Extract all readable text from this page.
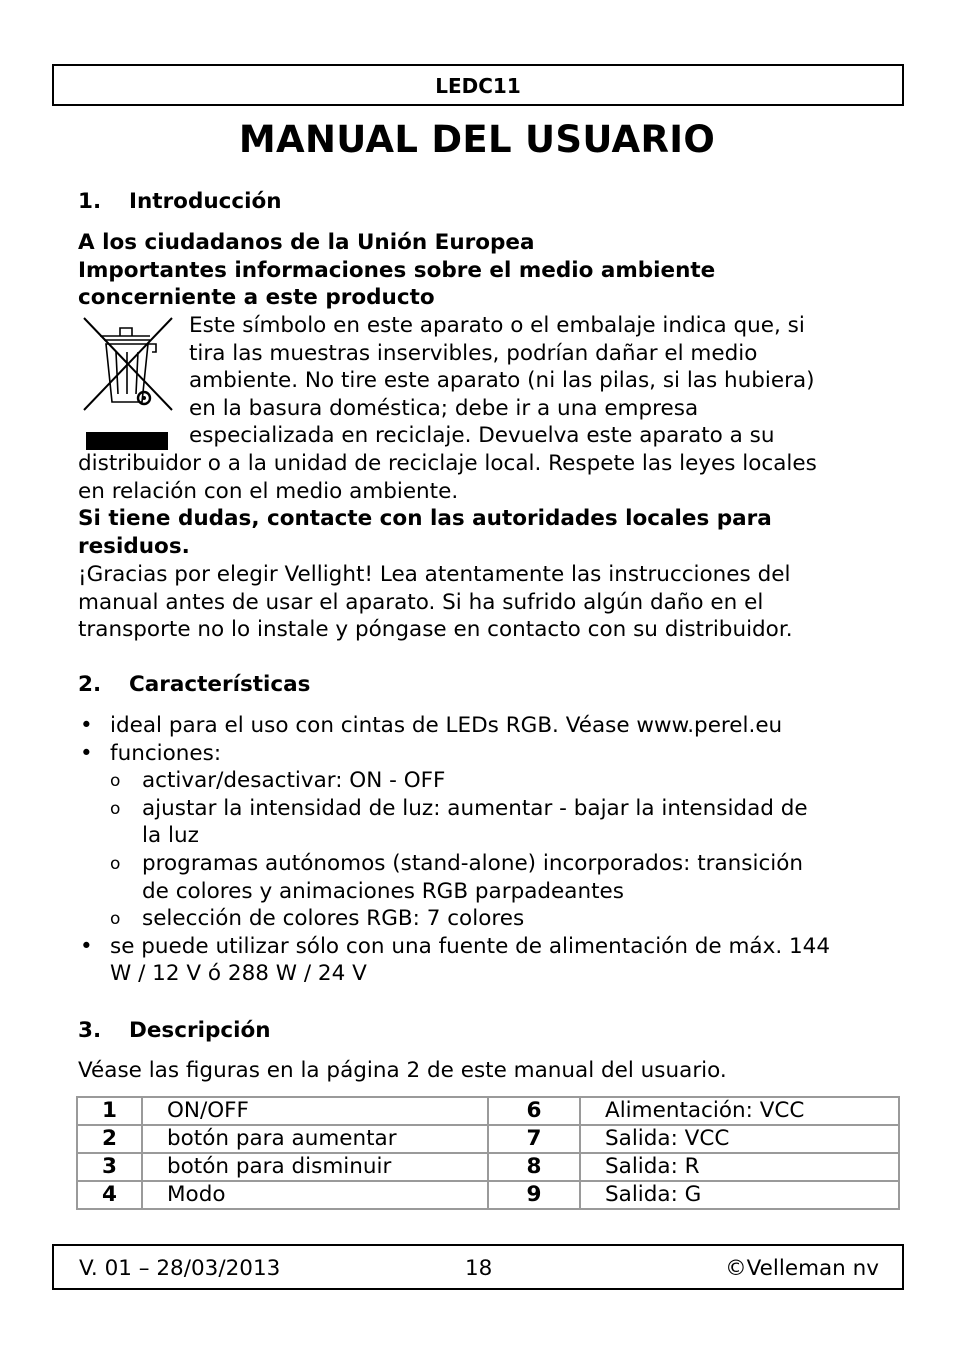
LEDC11
MANUAL DEL USUARIO
1. Introducción
A los ciudadanos de la Unión Europea
Importantes informaciones sobre el medio ambiente
concerniente a este producto
Este símbolo en este aparato o el embalaje indica que, si
tira las muestras inservibles, podrían dañar el medio
ambiente. No tire este aparato (ni las pilas, si las hubiera)
en la basura doméstica; debe ir a una empresa
especializada en reciclaje. Devuelva este aparato a su
distribuidor o a la unidad de reciclaje local. Respete las leyes locales
en relación con el medio ambiente.
Si tiene dudas, contacte con las autoridades locales para
residuos.
¡Gracias por elegir Vellight! Lea atentamente las instrucciones del
manual antes de usar el aparato. Si ha sufrido algún daño en el
transporte no lo instale y póngase en contacto con su distribuidor.
2. Características
• ideal para el uso con cintas de LEDs RGB. Véase www.perel.eu
• funciones:
o activar/desactivar: ON - OFF
o ajustar la intensidad de luz: aumentar - bajar la intensidad de
la luz
o programas autónomos (stand-alone) incorporados: transición
de colores y animaciones RGB parpadeantes
o selección de colores RGB: 7 colores
• se puede utilizar sólo con una fuente de alimentación de máx. 144
W / 12 V ó 288 W / 24 V
3. Descripción
Véase las figuras en la página 2 de este manual del usuario.
1	ON/OFF	6	Alimentación: VCC
2	botón para aumentar	7	Salida: VCC
3	botón para disminuir	8	Salida: R
4	Modo	9	Salida: G
V. 01 – 28/03/2013	18	©Velleman nv
